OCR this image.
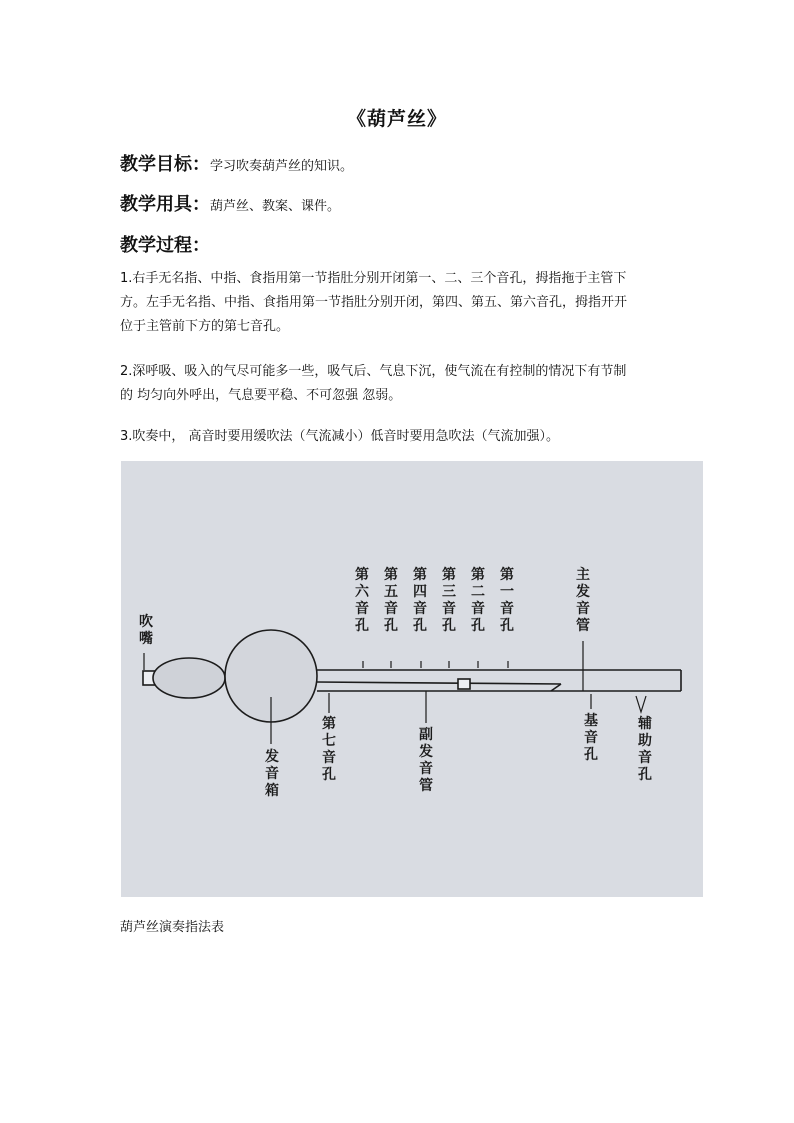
《葫芦丝》
教学目标：学习吹奏葫芦丝的知识。
教学用具：葫芦丝、教案、课件。
教学过程：
1.右手无名指、中指、食指用第一节指肚分别开闭第一、二、三个音孔，拇指拖于主管下
方。左手无名指、中指、食指用第一节指肚分别开闭，第四、第五、第六音孔，拇指开开
位于主管前下方的第七音孔。
2.深呼吸、吸入的气尽可能多一些，吸气后、气息下沉，使气流在有控制的情况下有节制
的 均匀向外呼出，气息要平稳、不可忽强 忽弱。
3.吹奏中， 高音时要用缓吹法（气流减小）低音时要用急吹法（气流加强）。
吹嘴
发音箱
第六音孔
第五音孔
第四音孔
第三音孔
第二音孔
第一音孔
主发音管
第七音孔
副发音管
基音孔
辅助音孔
葫芦丝演奏指法表
